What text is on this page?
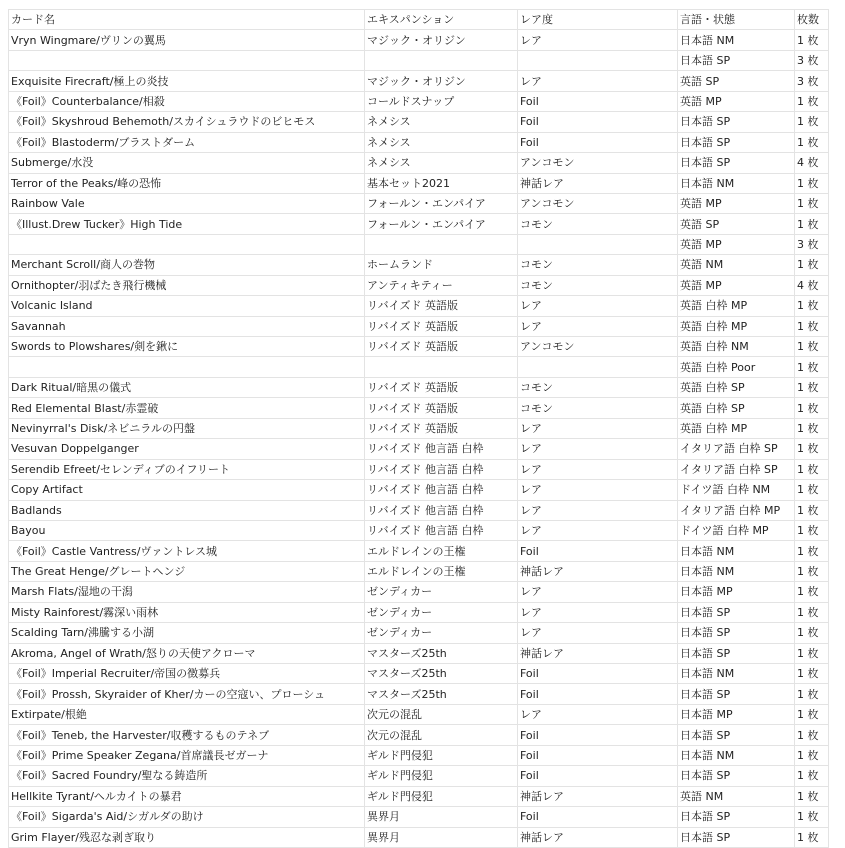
カード名	エキスパンション	レア度	言語・状態	枚数
Vryn Wingmare/ヴリンの翼馬	マジック・オリジン	レア	日本語 NM	1 枚
			日本語 SP	3 枚
Exquisite Firecraft/極上の炎技	マジック・オリジン	レア	英語 SP	3 枚
《Foil》Counterbalance/相殺	コールドスナップ	Foil	英語 MP	1 枚
《Foil》Skyshroud Behemoth/スカイシュラウドのビヒモス	ネメシス	Foil	日本語 SP	1 枚
《Foil》Blastoderm/ブラストダーム	ネメシス	Foil	日本語 SP	1 枚
Submerge/水没	ネメシス	アンコモン	日本語 SP	4 枚
Terror of the Peaks/峰の恐怖	基本セット2021	神話レア	日本語 NM	1 枚
Rainbow Vale	フォールン・エンパイア	アンコモン	英語 MP	1 枚
《Illust.Drew Tucker》High Tide	フォールン・エンパイア	コモン	英語 SP	1 枚
			英語 MP	3 枚
Merchant Scroll/商人の巻物	ホームランド	コモン	英語 NM	1 枚
Ornithopter/羽ばたき飛行機械	アンティキティー	コモン	英語 MP	4 枚
Volcanic Island	リバイズド 英語版	レア	英語 白枠 MP	1 枚
Savannah	リバイズド 英語版	レア	英語 白枠 MP	1 枚
Swords to Plowshares/剣を鍬に	リバイズド 英語版	アンコモン	英語 白枠 NM	1 枚
			英語 白枠 Poor	1 枚
Dark Ritual/暗黒の儀式	リバイズド 英語版	コモン	英語 白枠 SP	1 枚
Red Elemental Blast/赤霊破	リバイズド 英語版	コモン	英語 白枠 SP	1 枚
Nevinyrral's Disk/ネビニラルの円盤	リバイズド 英語版	レア	英語 白枠 MP	1 枚
Vesuvan Doppelganger	リバイズド 他言語 白枠	レア	イタリア語 白枠 SP	1 枚
Serendib Efreet/セレンディブのイフリート	リバイズド 他言語 白枠	レア	イタリア語 白枠 SP	1 枚
Copy Artifact	リバイズド 他言語 白枠	レア	ドイツ語 白枠 NM	1 枚
Badlands	リバイズド 他言語 白枠	レア	イタリア語 白枠 MP	1 枚
Bayou	リバイズド 他言語 白枠	レア	ドイツ語 白枠 MP	1 枚
《Foil》Castle Vantress/ヴァントレス城	エルドレインの王権	Foil	日本語 NM	1 枚
The Great Henge/グレートヘンジ	エルドレインの王権	神話レア	日本語 NM	1 枚
Marsh Flats/湿地の干潟	ゼンディカー	レア	日本語 MP	1 枚
Misty Rainforest/霧深い雨林	ゼンディカー	レア	日本語 SP	1 枚
Scalding Tarn/沸騰する小湖	ゼンディカー	レア	日本語 SP	1 枚
Akroma, Angel of Wrath/怒りの天使アクローマ	マスターズ25th	神話レア	日本語 SP	1 枚
《Foil》Imperial Recruiter/帝国の徴募兵	マスターズ25th	Foil	日本語 NM	1 枚
《Foil》Prossh, Skyraider of Kher/カーの空寇い、プローシュ	マスターズ25th	Foil	日本語 SP	1 枚
Extirpate/根絶	次元の混乱	レア	日本語 MP	1 枚
《Foil》Teneb, the Harvester/収穫するものテネブ	次元の混乱	Foil	日本語 SP	1 枚
《Foil》Prime Speaker Zegana/首席議長ゼガーナ	ギルド門侵犯	Foil	日本語 NM	1 枚
《Foil》Sacred Foundry/聖なる鋳造所	ギルド門侵犯	Foil	日本語 SP	1 枚
Hellkite Tyrant/ヘルカイトの暴君	ギルド門侵犯	神話レア	英語 NM	1 枚
《Foil》Sigarda's Aid/シガルダの助け	異界月	Foil	日本語 SP	1 枚
Grim Flayer/残忍な剥ぎ取り	異界月	神話レア	日本語 SP	1 枚
